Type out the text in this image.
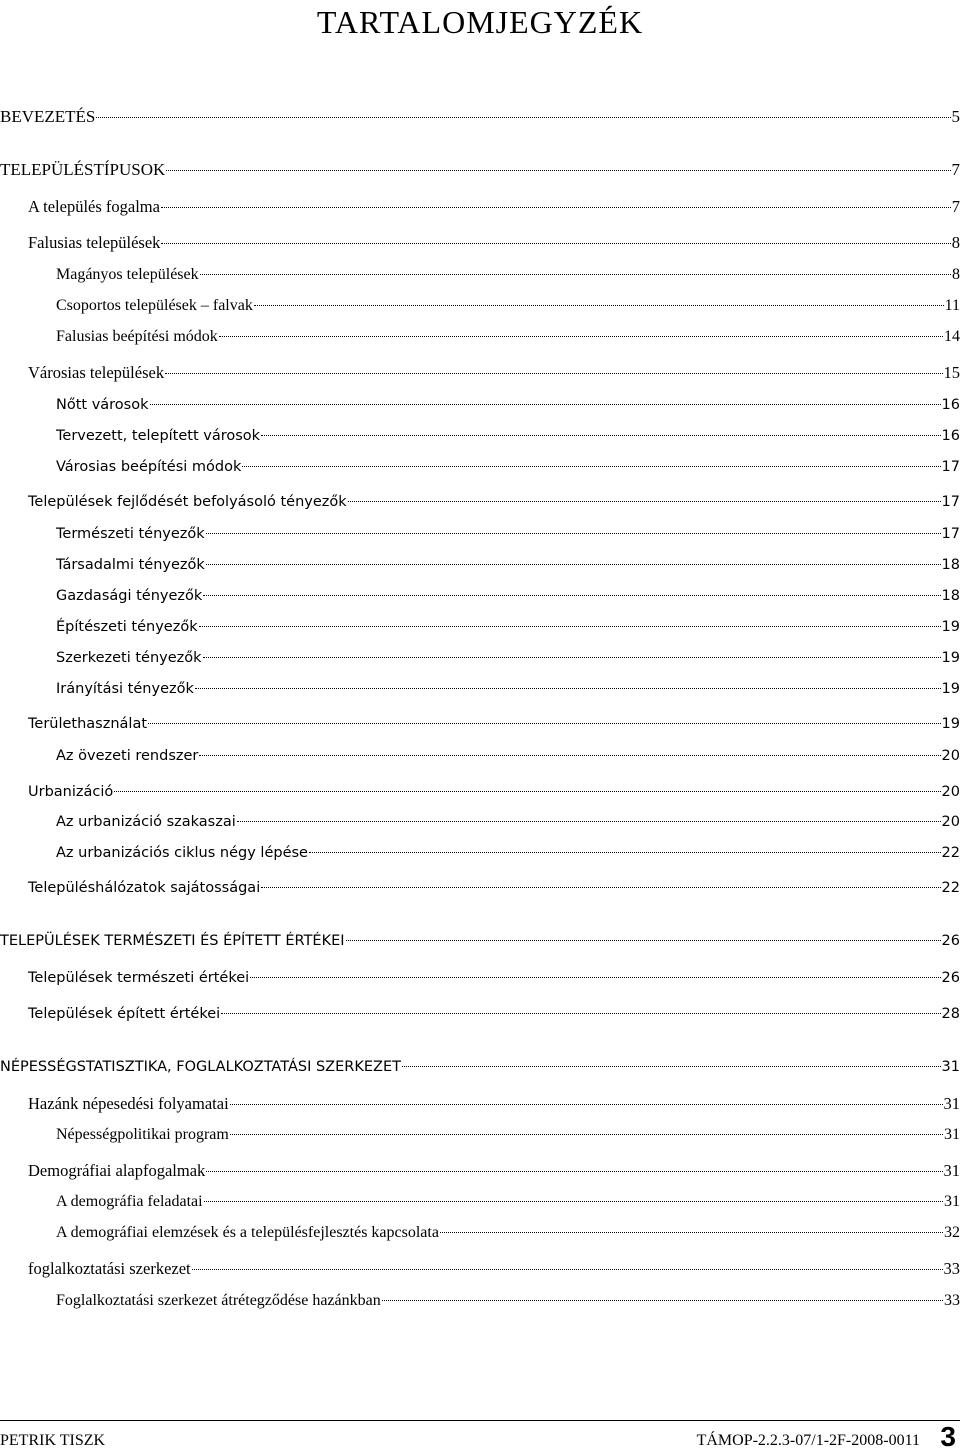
TARTALOMJEGYZÉK
BEVEZETÉS	5
TELEPÜLÉSTÍPUSOK	7
A település fogalma	7
Falusias települések	8
Magányos települések	8
Csoportos települések – falvak	11
Falusias beépítési módok	14
Városias települések	15
Nőtt városok	16
Tervezett, telepített városok	16
Városias beépítési módok	17
Települések fejlődését befolyásoló tényezők	17
Természeti tényezők	17
Társadalmi tényezők	18
Gazdasági tényezők	18
Építészeti tényezők	19
Szerkezeti tényezők	19
Irányítási tényezők	19
Területhasználat	19
Az övezeti rendszer	20
Urbanizáció	20
Az urbanizáció szakaszai	20
Az urbanizációs ciklus négy lépése	22
Településhálózatok sajátosságai	22
TELEPÜLÉSEK TERMÉSZETI ÉS ÉPÍTETT ÉRTÉKEI	26
Települések természeti értékei	26
Települések épített értékei	28
NÉPESSÉGSTATISZTIKA, FOGLALKOZTATÁSI SZERKEZET	31
Hazánk népesedési folyamatai	31
Népességpolitikai program	31
Demográfiai alapfogalmak	31
A demográfia feladatai	31
A demográfiai elemzések és a településfejlesztés kapcsolata	32
foglalkoztatási szerkezet	33
Foglalkoztatási szerkezet átrétegződése hazánkban	33
PETRIK TISZK	TÁMOP-2.2.3-07/1-2F-2008-0011 3
